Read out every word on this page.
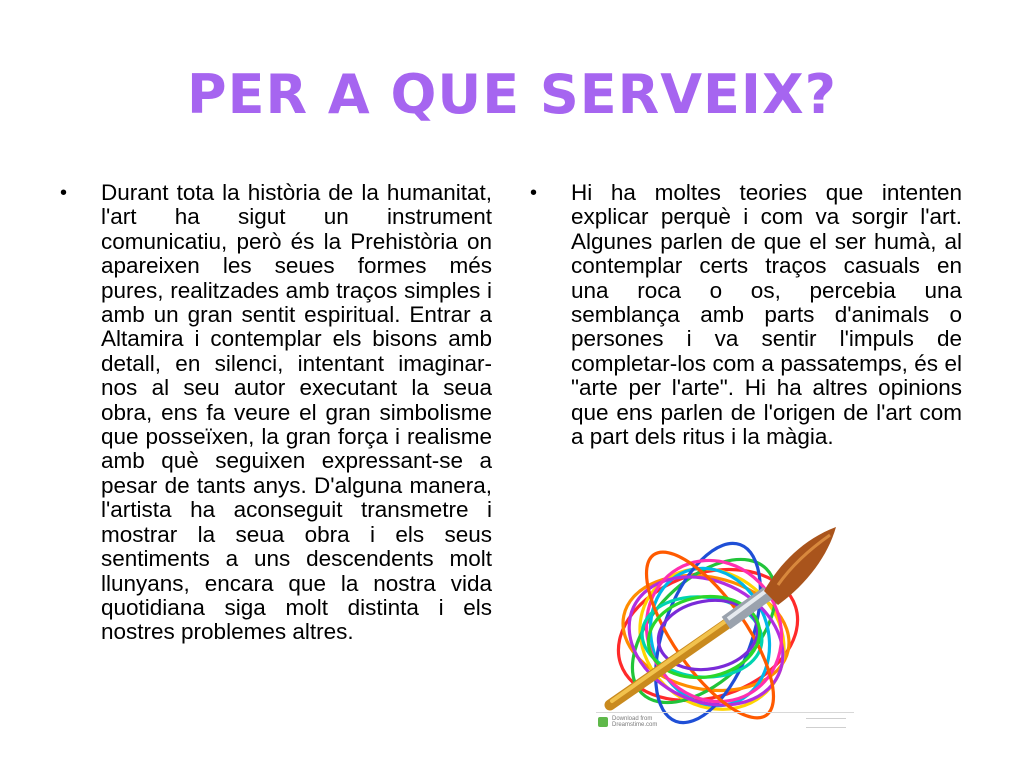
PER A QUE SERVEIX?
•	Durant tota la història de la humanitat, l'art ha sigut un instrument comunicatiu, però és la Prehistòria on apareixen les seues formes més pures, realitzades amb traços simples i amb un gran sentit espiritual. Entrar a Altamira i contemplar els bisons amb detall, en silenci, intentant imaginar-nos al seu autor executant la seua obra, ens fa veure el gran simbolisme que posseïxen, la gran força i realisme amb què seguixen expressant-se a pesar de tants anys. D'alguna manera, l'artista ha aconseguit transmetre i mostrar la seua obra i els seus sentiments a uns descendents molt llunyans, encara que la nostra vida quotidiana siga molt distinta i els nostres problemes altres.

•	Hi ha moltes teories que intenten explicar perquè i com va sorgir l'art. Algunes parlen de que el ser humà, al contemplar certs traços casuals en una roca o os, percebia una semblança amb parts d'animals o persones i va sentir l'impuls de completar-los com a passatemps, és el "arte per l'arte". Hi ha altres opinions que ens parlen de l'origen de l'art com a part dels ritus i la màgia.

Download from
Dreamstime.com
